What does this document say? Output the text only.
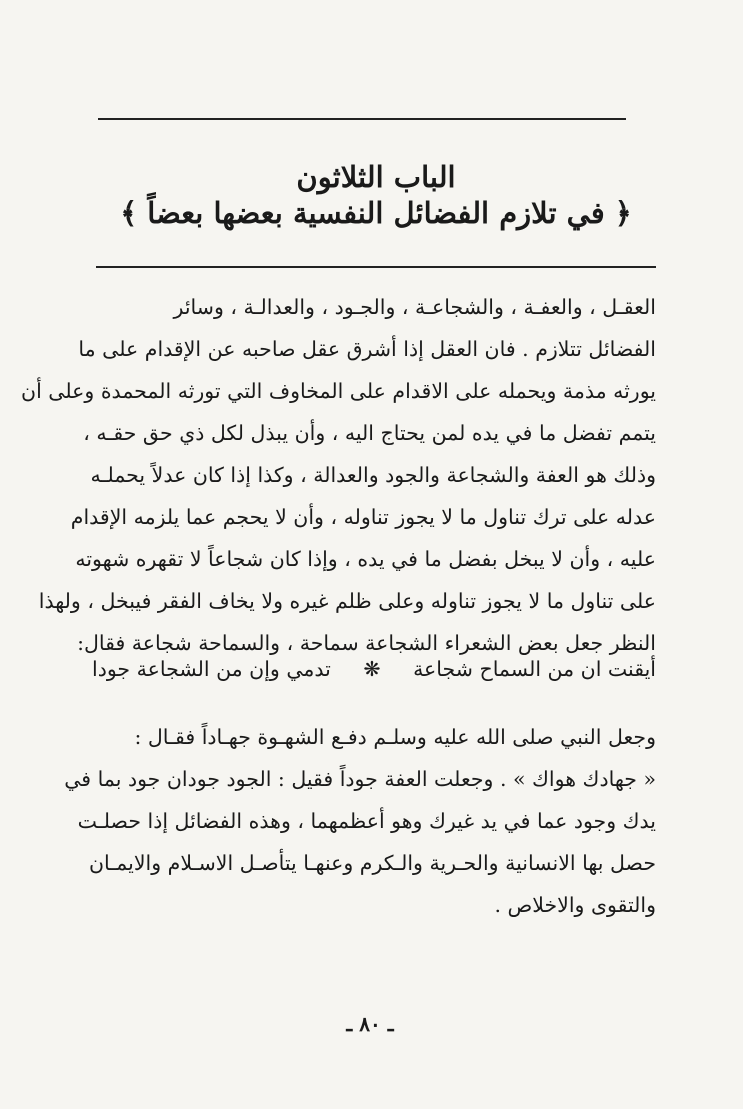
الباب الثلاثون
﴿ في تلازم الفضائل النفسية بعضها بعضاً ﴾
العقـل ، والعفـة ، والشجاعـة ، والجـود ، والعدالـة ، وسائر
الفضائل تتلازم . فان العقل إذا أشرق عقل صاحبه عن الإقدام على ما
يورثه مذمة ويحمله على الاقدام على المخاوف التي تورثه المحمدة وعلى أن
يتمم تفضل ما في يده لمن يحتاج اليه ، وأن يبذل لكل ذي حق حقـه ،
وذلك هو العفة والشجاعة والجود والعدالة ، وكذا إذا كان عدلاً يحملـه
عدله على ترك تناول ما لا يجوز تناوله ، وأن لا يحجم عما يلزمه الإقدام
عليه ، وأن لا يبخل بفضل ما في يده ، وإذا كان شجاعاً لا تقهره شهوته
على تناول ما لا يجوز تناوله وعلى ظلم غيره ولا يخاف الفقر فيبخل ، ولهذا
النظر جعل بعض الشعراء الشجاعة سماحة ، والسماحة شجاعة فقال:
أيقنت ان من السماح شجاعة
❋
تدمي وإن من الشجاعة جودا
وجعل النبي صلى الله عليه وسلـم دفـع الشهـوة جهـاداً فقـال :
« جهادك هواك » . وجعلت العفة جوداً فقيل : الجود جودان جود بما في
يدك وجود عما في يد غيرك وهو أعظمهما ، وهذه الفضائل إذا حصلـت
حصل بها الانسانية والحـرية والـكرم وعنهـا يتأصـل الاسـلام والايمـان
والتقوى والاخلاص .
ـ ٨٠ ـ
